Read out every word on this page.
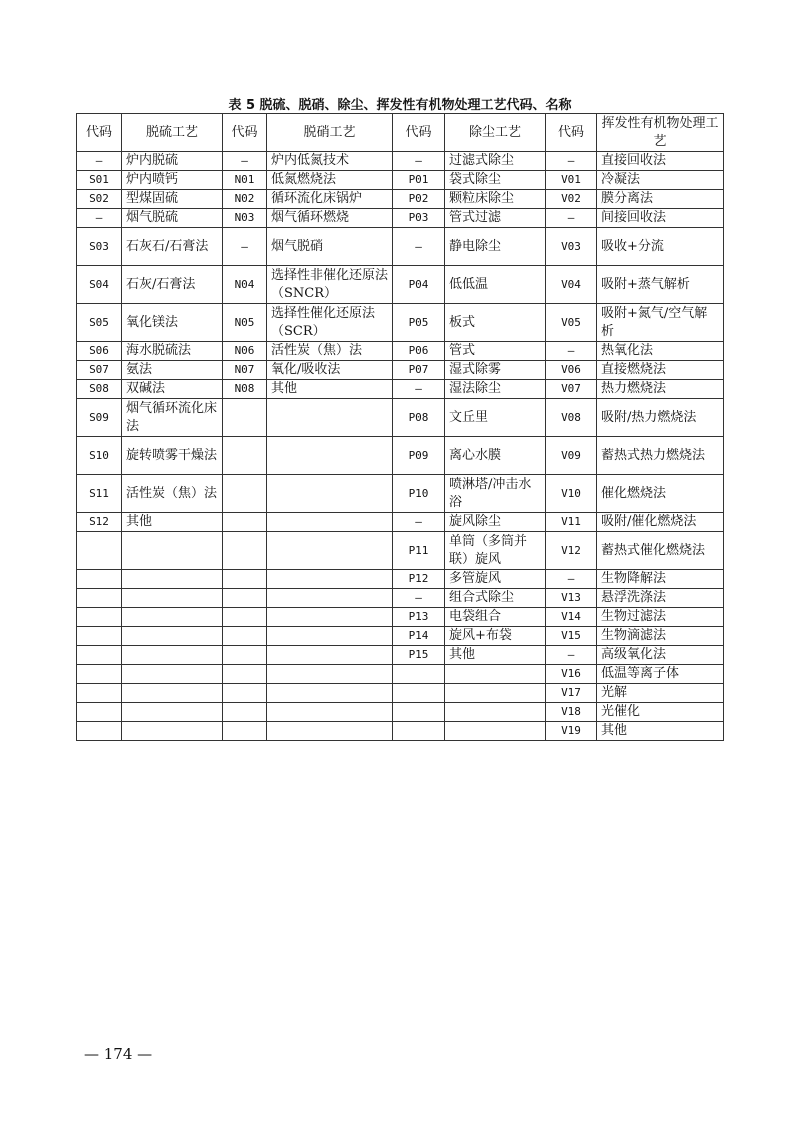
表 5 脱硫、脱硝、除尘、挥发性有机物处理工艺代码、名称
代码	脱硫工艺	代码	脱硝工艺	代码	除尘工艺	代码	挥发性有机物处理工艺
—	炉内脱硫	—	炉内低氮技术	—	过滤式除尘	—	直接回收法
S01	炉内喷钙	N01	低氮燃烧法	P01	袋式除尘	V01	冷凝法
S02	型煤固硫	N02	循环流化床锅炉	P02	颗粒床除尘	V02	膜分离法
—	烟气脱硫	N03	烟气循环燃烧	P03	管式过滤	—	间接回收法
S03	石灰石/石膏法	—	烟气脱硝	—	静电除尘	V03	吸收+分流
S04	石灰/石膏法	N04	选择性非催化还原法（SNCR）	P04	低低温	V04	吸附+蒸气解析
S05	氧化镁法	N05	选择性催化还原法（SCR）	P05	板式	V05	吸附+氮气/空气解析
S06	海水脱硫法	N06	活性炭（焦）法	P06	管式	—	热氧化法
S07	氨法	N07	氧化/吸收法	P07	湿式除雾	V06	直接燃烧法
S08	双碱法	N08	其他	—	湿法除尘	V07	热力燃烧法
S09	烟气循环流化床法			P08	文丘里	V08	吸附/热力燃烧法
S10	旋转喷雾干燥法			P09	离心水膜	V09	蓄热式热力燃烧法
S11	活性炭（焦）法			P10	喷淋塔/冲击水浴	V10	催化燃烧法
S12	其他			—	旋风除尘	V11	吸附/催化燃烧法
				P11	单筒（多筒并联）旋风	V12	蓄热式催化燃烧法
				P12	多管旋风	—	生物降解法
				—	组合式除尘	V13	悬浮洗涤法
				P13	电袋组合	V14	生物过滤法
				P14	旋风+布袋	V15	生物滴滤法
				P15	其他	—	高级氧化法
						V16	低温等离子体
						V17	光解
						V18	光催化
						V19	其他
— 174 —
